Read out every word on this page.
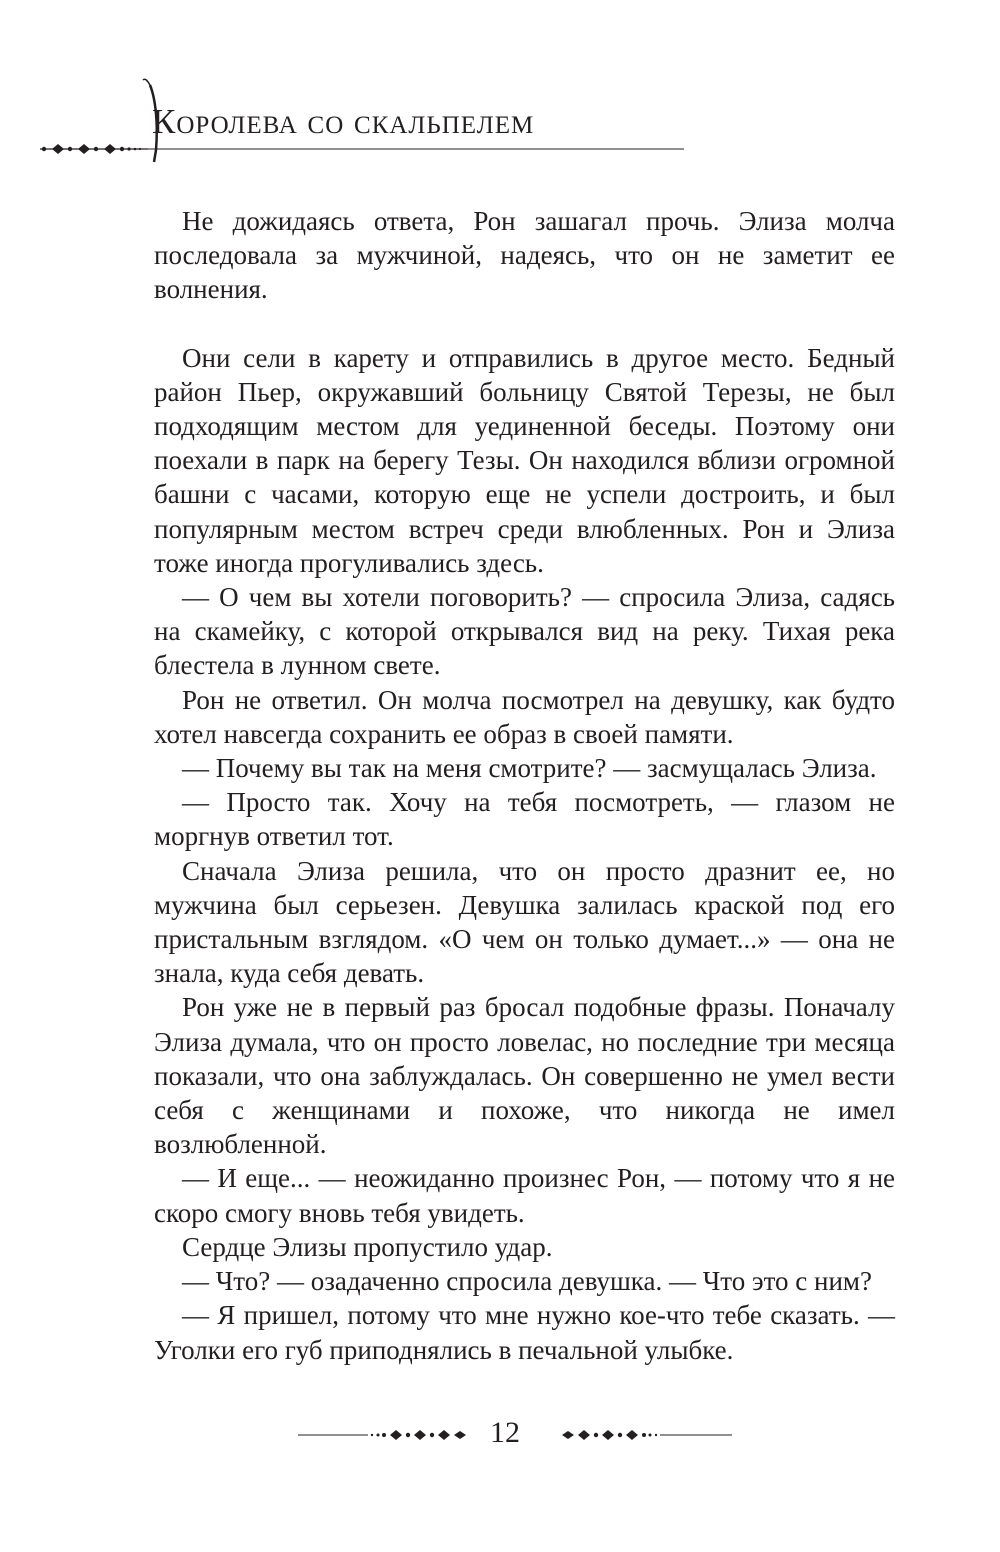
Королева со скальпелем

Не дожидаясь ответа, Рон зашагал прочь. Элиза молча последовала за мужчиной, надеясь, что он не заметит ее волнения.

Они сели в карету и отправились в другое место. Бедный район Пьер, окружавший больницу Святой Терезы, не был подходящим местом для уединенной беседы. Поэтому они поехали в парк на берегу Тезы. Он находился вблизи огромной башни с часами, которую еще не успели достроить, и был популярным местом встреч среди влюбленных. Рон и Элиза тоже иногда прогуливались здесь.

— О чем вы хотели поговорить? — спросила Элиза, садясь на скамейку, с которой открывался вид на реку. Тихая река блестела в лунном свете.

Рон не ответил. Он молча посмотрел на девушку, как будто хотел навсегда сохранить ее образ в своей памяти.

— Почему вы так на меня смотрите? — засмущалась Элиза.

— Просто так. Хочу на тебя посмотреть, — глазом не моргнув ответил тот.

Сначала Элиза решила, что он просто дразнит ее, но мужчина был серьезен. Девушка залилась краской под его пристальным взглядом. «О чем он только думает...» — она не знала, куда себя девать.

Рон уже не в первый раз бросал подобные фразы. Поначалу Элиза думала, что он просто ловелас, но последние три месяца показали, что она заблуждалась. Он совершенно не умел вести себя с женщинами и похоже, что никогда не имел возлюбленной.

— И еще... — неожиданно произнес Рон, — потому что я не скоро смогу вновь тебя увидеть.

Сердце Элизы пропустило удар.

— Что? — озадаченно спросила девушка. — Что это с ним?

— Я пришел, потому что мне нужно кое-что тебе сказать. — Уголки его губ приподнялись в печальной улыбке.

12
